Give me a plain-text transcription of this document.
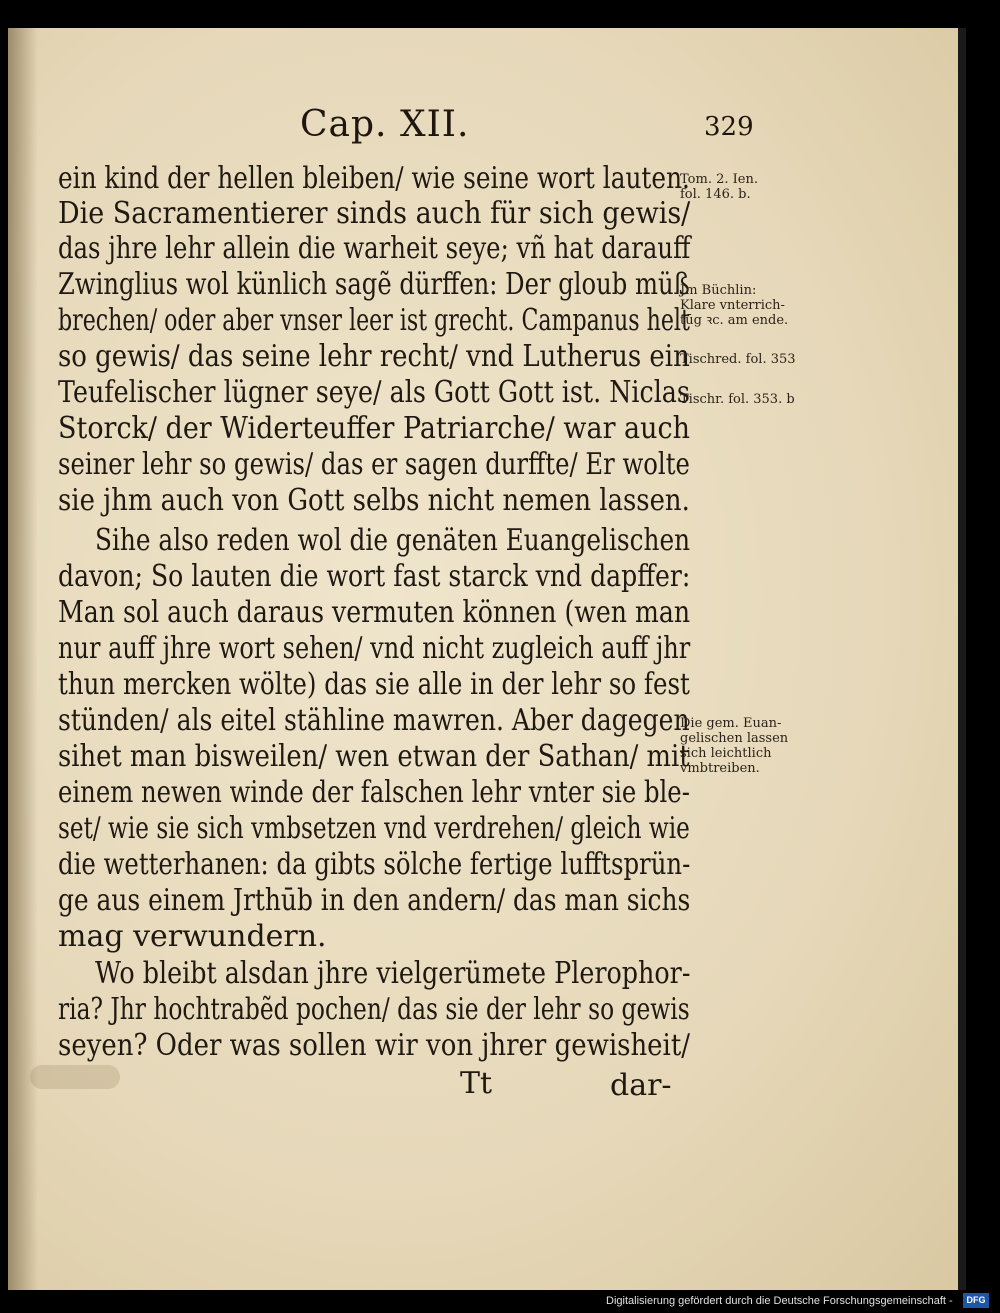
Cap. XII.	329
ein kind der hellen bleiben/ wie seine wort lauten.
Die Sacramentierer sinds auch für sich gewis/
das jhre lehr allein die warheit seye; vñ hat darauff
Zwinglius wol künlich sagẽ dürffen: Der gloub müß
brechen/ oder aber vnser leer ist grecht. Campanus helt
so gewis/ das seine lehr recht/ vnd Lutherus ein
Teufelischer lügner seye/ als Gott Gott ist. Niclas
Storck/ der Widerteuffer Patriarche/ war auch
seiner lehr so gewis/ das er sagen durffte/ Er wolte
sie jhm auch von Gott selbs nicht nemen lassen.
Sihe also reden wol die genäten Euangelischen
davon; So lauten die wort fast starck vnd dapffer:
Man sol auch daraus vermuten können (wen man
nur auff jhre wort sehen/ vnd nicht zugleich auff jhr
thun mercken wölte) das sie alle in der lehr so fest
stünden/ als eitel stähline mawren. Aber dagegen
sihet man bisweilen/ wen etwan der Sathan/ mit
einem newen winde der falschen lehr vnter sie ble-
set/ wie sie sich vmbsetzen vnd verdrehen/ gleich wie
die wetterhanen: da gibts sölche fertige lufftsprün-
ge aus einem Jrthūb in den andern/ das man sichs
mag verwundern.
Wo bleibt alsdan jhre vielgerümete Plerophor-
ria? Jhr hochtrabẽd pochen/ das sie der lehr so gewis
seyen? Oder was sollen wir von jhrer gewisheit/
Tom. 2. Ien.
fol. 146. b.
Jm Büchlin:
Klare vnterrich-
tūg ꝛc. am ende.
Tischred. fol. 353
Tischr. fol. 353. b
Die gem. Euan-
gelischen lassen
sich leichtlich
vmbtreiben.
Tt	dar-
Digitalisierung gefördert durch die Deutsche Forschungsgemeinschaft -	DFG
